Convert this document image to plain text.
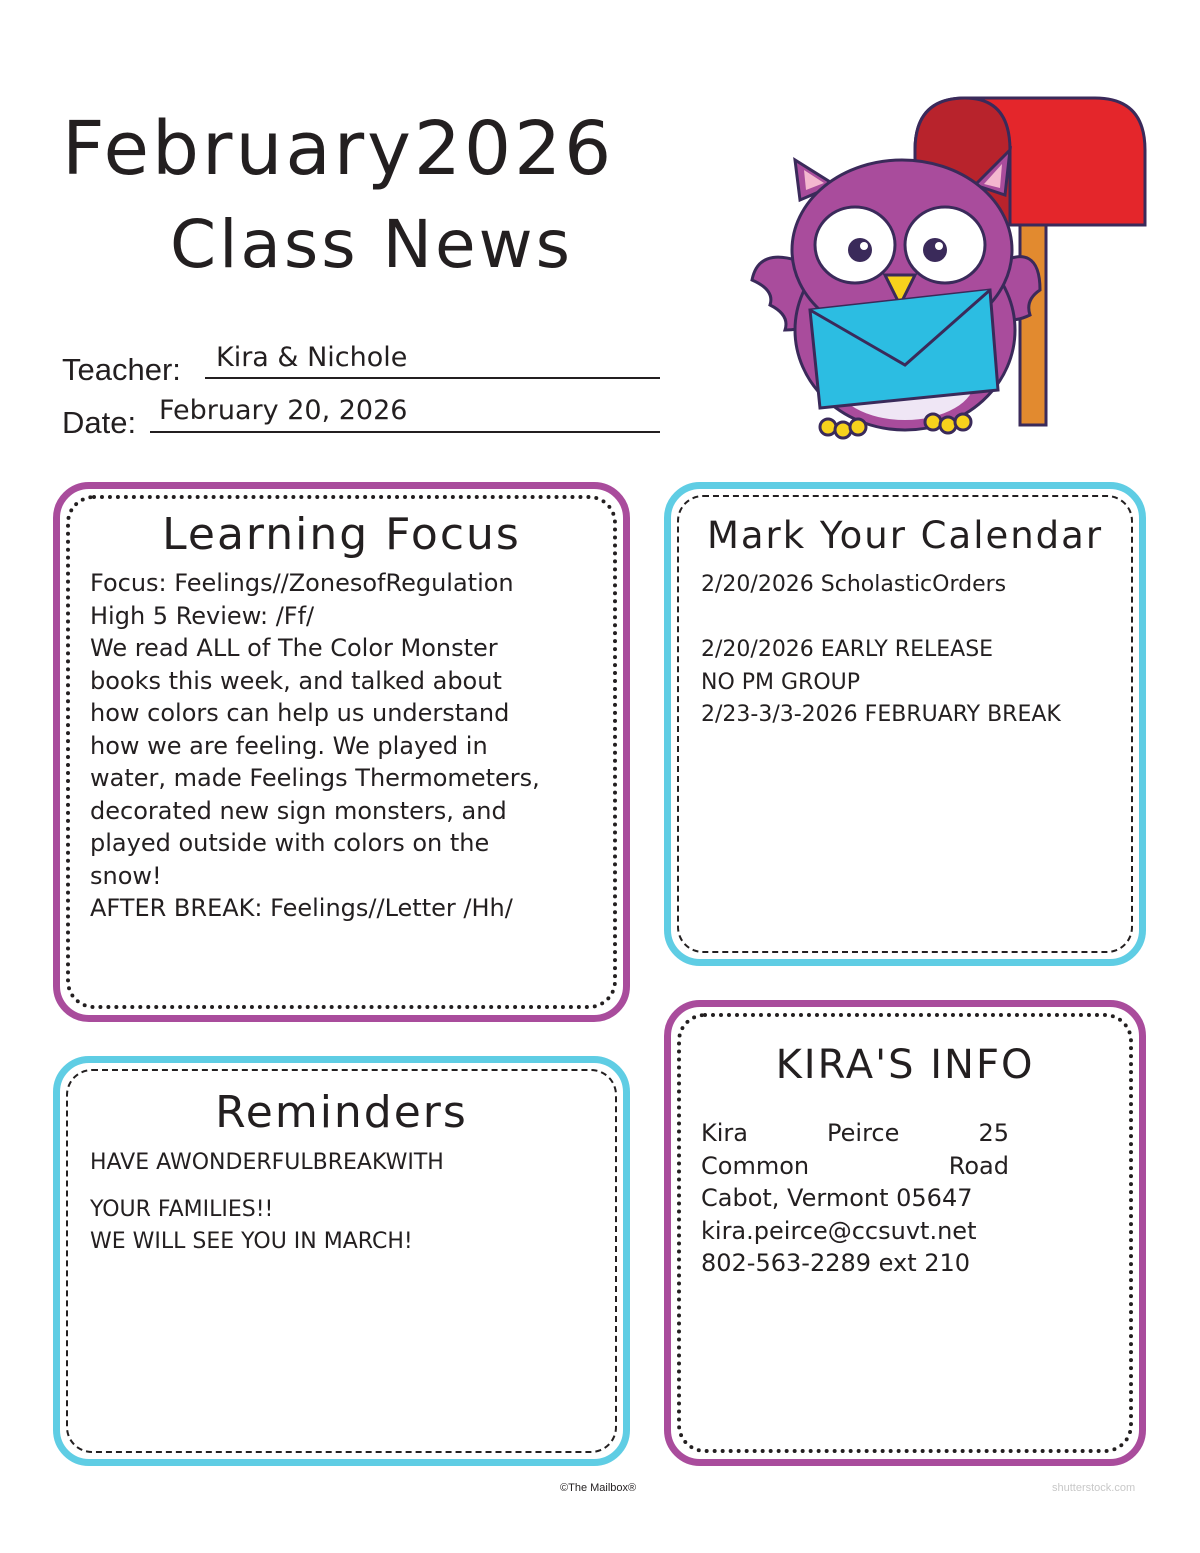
February2026
Class News
Teacher: Kira & Nichole
Date: February 20, 2026
Learning Focus
Focus: Feelings//ZonesofRegulation
High 5 Review: /Ff/
We read ALL of The Color Monster
books this week, and talked about
how colors can help us understand
how we are feeling. We played in
water, made Feelings Thermometers,
decorated new sign monsters, and
played outside with colors on the
snow!
AFTER BREAK: Feelings//Letter /Hh/
Mark Your Calendar
2/20/2026 ScholasticOrders
2/20/2026 EARLY RELEASE
NO PM GROUP
2/23-3/3-2026 FEBRUARY BREAK
Reminders
HAVE AWONDERFULBREAKWITH
YOUR FAMILIES!!
WE WILL SEE YOU IN MARCH!
KIRA'S INFO
Kira	Peirce	25
Common	Road
Cabot, Vermont 05647
kira.peirce@ccsuvt.net
802-563-2289 ext 210
©The Mailbox®	shutterstock.com
